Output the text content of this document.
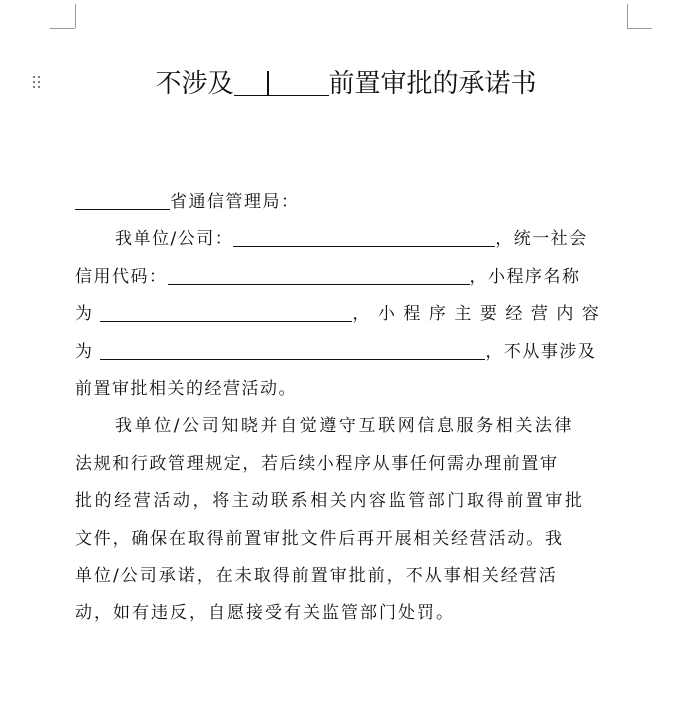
不涉及	前置审批的承诺书
省通信管理局：
我单位/公司：	，统一社会
信用代码：	，小程序名称
为	，小程序主要经营内容
为	，不从事涉及
前置审批相关的经营活动。
我单位/公司知晓并自觉遵守互联网信息服务相关法律
法规和行政管理规定，若后续小程序从事任何需办理前置审
批的经营活动，将主动联系相关内容监管部门取得前置审批
文件，确保在取得前置审批文件后再开展相关经营活动。我
单位/公司承诺，在未取得前置审批前，不从事相关经营活
动，如有违反，自愿接受有关监管部门处罚。
